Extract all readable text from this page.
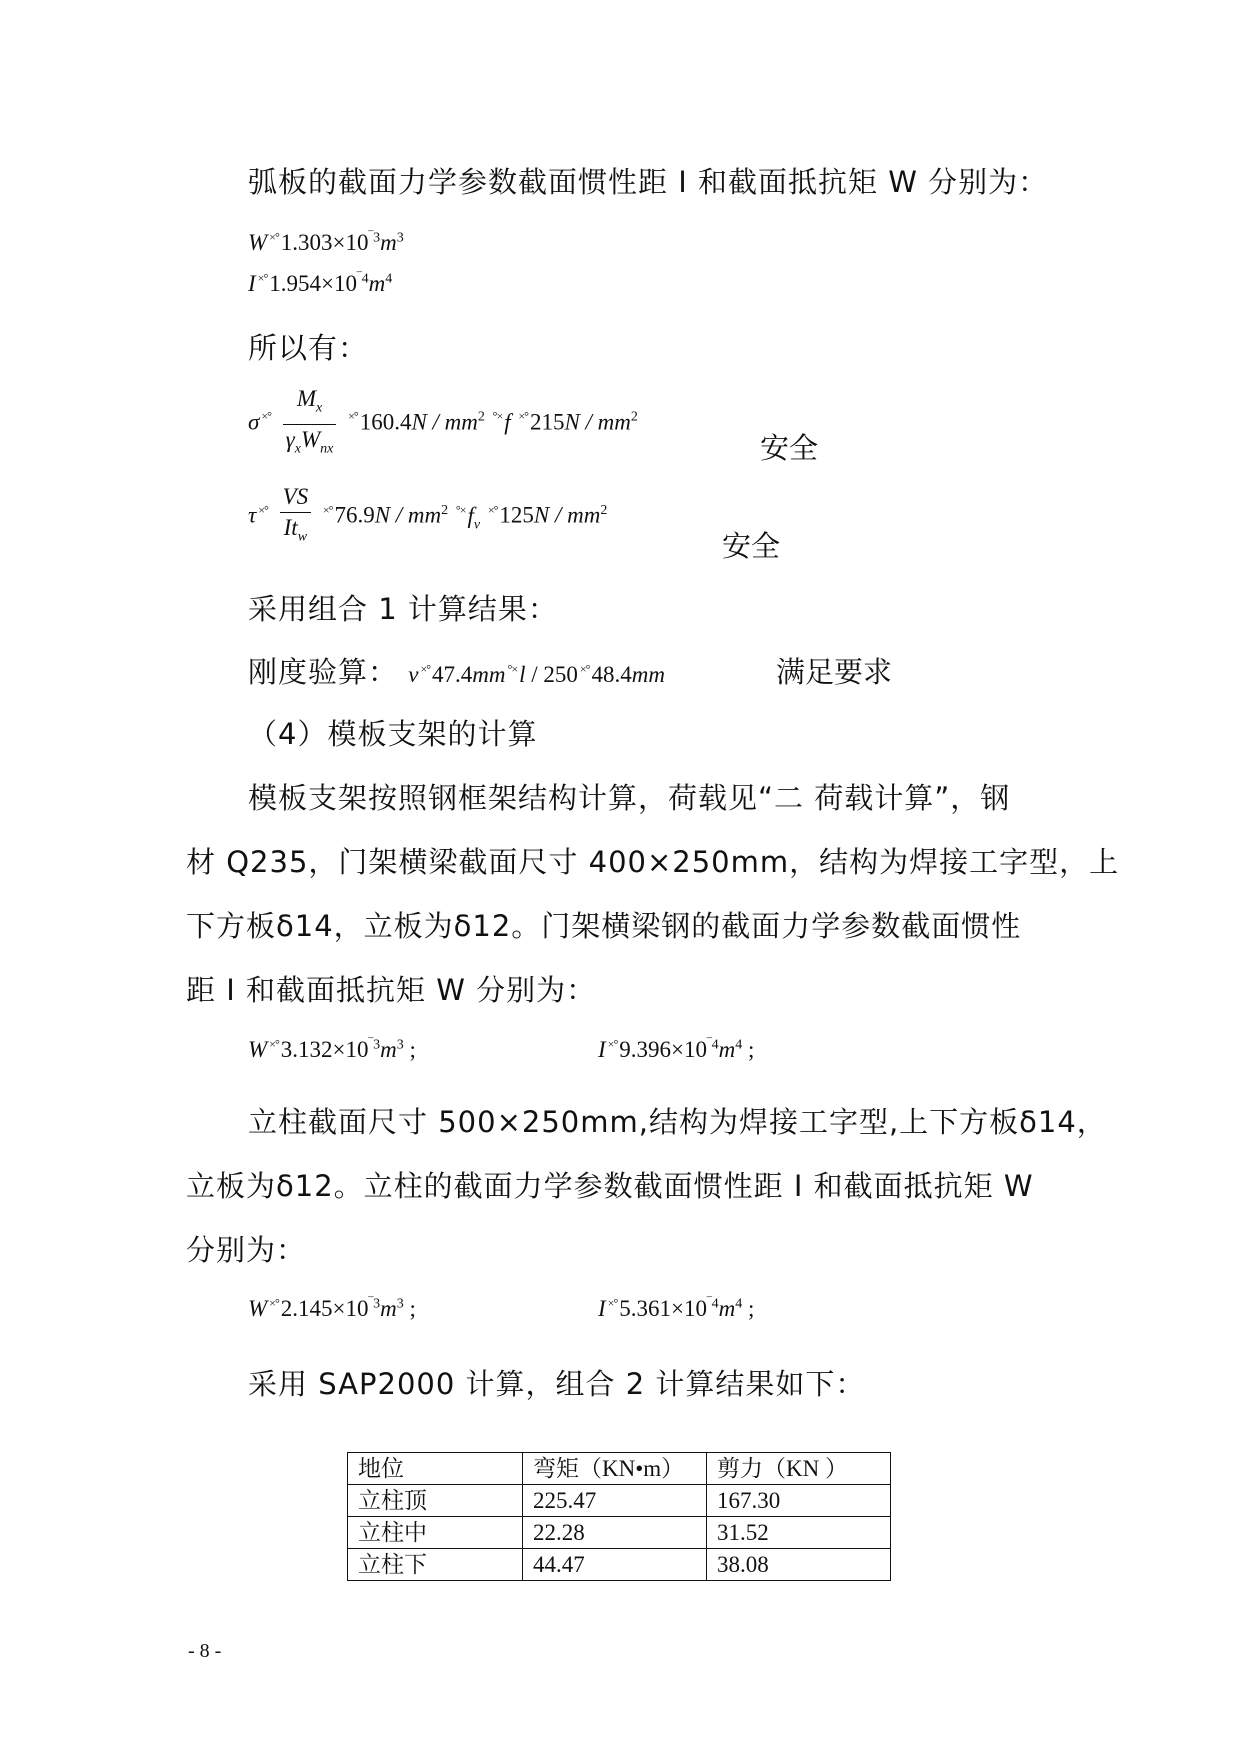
弧板的截面力学参数截面惯性距 I 和截面抵抗矩 W 分别为：
W $^{\times^\circ}1.303\times 10^{‾3}m^3$
I $^{\times^\circ}1.954\times 10^{‾4}m^4$
所以有：
σ $^{\times^\circ} \frac{M_x}{\gamma_xW_{nx}} ^{\times^\circ}160.4N / mm^2$ °×f $^{\times^\circ}215N / mm^2$
安全
τ $^{\times^\circ} \frac{VS}{It_w} ^{\times^\circ}76.9N / mm^2$ $^{^\circ\times}f_v$ $^{\times^\circ}125N / mm^2$
安全
采用组合 1 计算结果：
刚度验算： v ×°47.4mm °×l / 250 ×°48.4mm	满足要求
（4）模板支架的计算
模板支架按照钢框架结构计算，荷载见“二 荷载计算”，钢
材 Q235，门架横梁截面尺寸 400×250mm，结构为焊接工字型，上
下方板δ14，立板为δ12。门架横梁钢的截面力学参数截面惯性
距 I 和截面抵抗矩 W 分别为：
W $^{\times^\circ}3.132\times 10^{‾3}m^3$ ;	I $^{\times^\circ}9.396\times 10^{‾4}m^4$ ;
立柱截面尺寸 500×250mm,结构为焊接工字型,上下方板δ14，
立板为δ12。立柱的截面力学参数截面惯性距 I 和截面抵抗矩 W
分别为：
W $^{\times^\circ}2.145\times 10^{‾3}m^3$ ;	I $^{\times^\circ}5.361\times 10^{‾4}m^4$ ;
采用 SAP2000 计算，组合 2 计算结果如下：
地位	弯矩（KN•m）	剪力（KN ）
立柱顶	225.47	167.30
立柱中	22.28	31.52
立柱下	44.47	38.08
- 8 -
